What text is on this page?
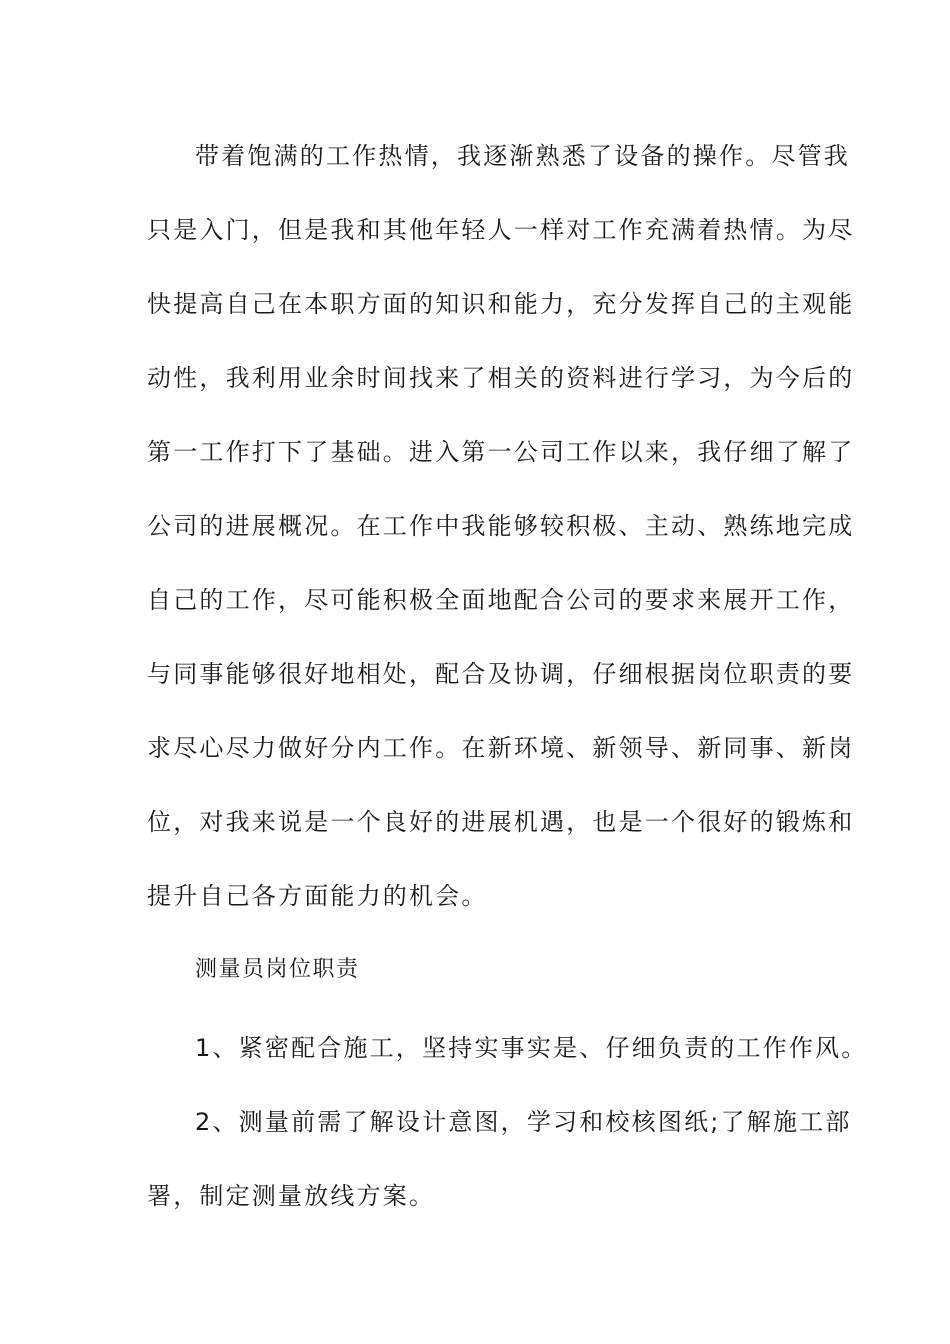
带着饱满的工作热情，我逐渐熟悉了设备的操作。尽管我
只是入门，但是我和其他年轻人一样对工作充满着热情。为尽
快提高自己在本职方面的知识和能力，充分发挥自己的主观能
动性，我利用业余时间找来了相关的资料进行学习，为今后的
第一工作打下了基础。进入第一公司工作以来，我仔细了解了
公司的进展概况。在工作中我能够较积极、主动、熟练地完成
自己的工作，尽可能积极全面地配合公司的要求来展开工作，
与同事能够很好地相处，配合及协调，仔细根据岗位职责的要
求尽心尽力做好分内工作。在新环境、新领导、新同事、新岗
位，对我来说是一个良好的进展机遇，也是一个很好的锻炼和
提升自己各方面能力的机会。
测量员岗位职责
1、紧密配合施工，坚持实事实是、仔细负责的工作作风。
2、测量前需了解设计意图，学习和校核图纸;了解施工部
署，制定测量放线方案。
